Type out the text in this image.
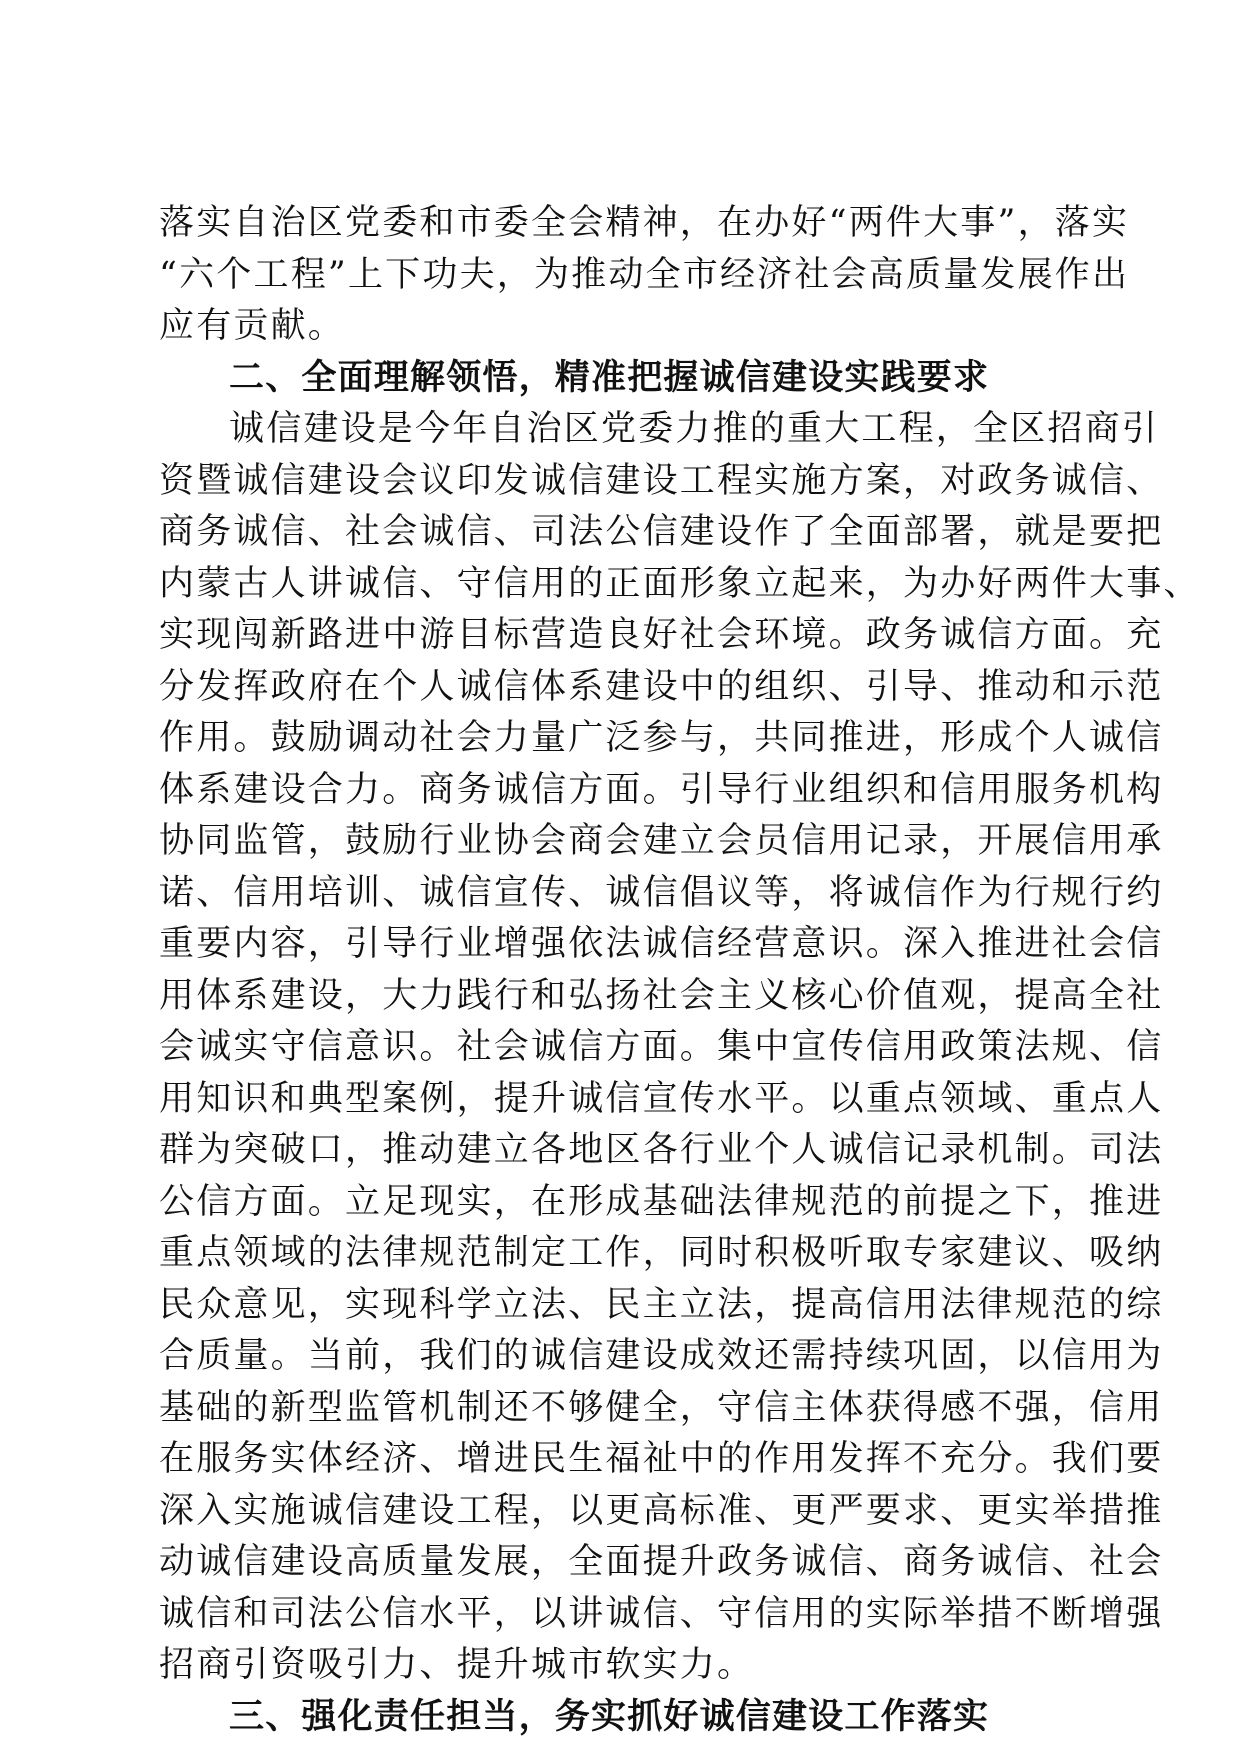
落实自治区党委和市委全会精神，在办好“两件大事”，落实
“六个工程”上下功夫，为推动全市经济社会高质量发展作出
应有贡献。
二、全面理解领悟，精准把握诚信建设实践要求
诚信建设是今年自治区党委力推的重大工程，全区招商引
资暨诚信建设会议印发诚信建设工程实施方案，对政务诚信、
商务诚信、社会诚信、司法公信建设作了全面部署，就是要把
内蒙古人讲诚信、守信用的正面形象立起来，为办好两件大事、
实现闯新路进中游目标营造良好社会环境。政务诚信方面。充
分发挥政府在个人诚信体系建设中的组织、引导、推动和示范
作用。鼓励调动社会力量广泛参与，共同推进，形成个人诚信
体系建设合力。商务诚信方面。引导行业组织和信用服务机构
协同监管，鼓励行业协会商会建立会员信用记录，开展信用承
诺、信用培训、诚信宣传、诚信倡议等，将诚信作为行规行约
重要内容，引导行业增强依法诚信经营意识。深入推进社会信
用体系建设，大力践行和弘扬社会主义核心价值观，提高全社
会诚实守信意识。社会诚信方面。集中宣传信用政策法规、信
用知识和典型案例，提升诚信宣传水平。以重点领域、重点人
群为突破口，推动建立各地区各行业个人诚信记录机制。司法
公信方面。立足现实，在形成基础法律规范的前提之下，推进
重点领域的法律规范制定工作，同时积极听取专家建议、吸纳
民众意见，实现科学立法、民主立法，提高信用法律规范的综
合质量。当前，我们的诚信建设成效还需持续巩固，以信用为
基础的新型监管机制还不够健全，守信主体获得感不强，信用
在服务实体经济、增进民生福祉中的作用发挥不充分。我们要
深入实施诚信建设工程，以更高标准、更严要求、更实举措推
动诚信建设高质量发展，全面提升政务诚信、商务诚信、社会
诚信和司法公信水平，以讲诚信、守信用的实际举措不断增强
招商引资吸引力、提升城市软实力。
三、强化责任担当，务实抓好诚信建设工作落实
